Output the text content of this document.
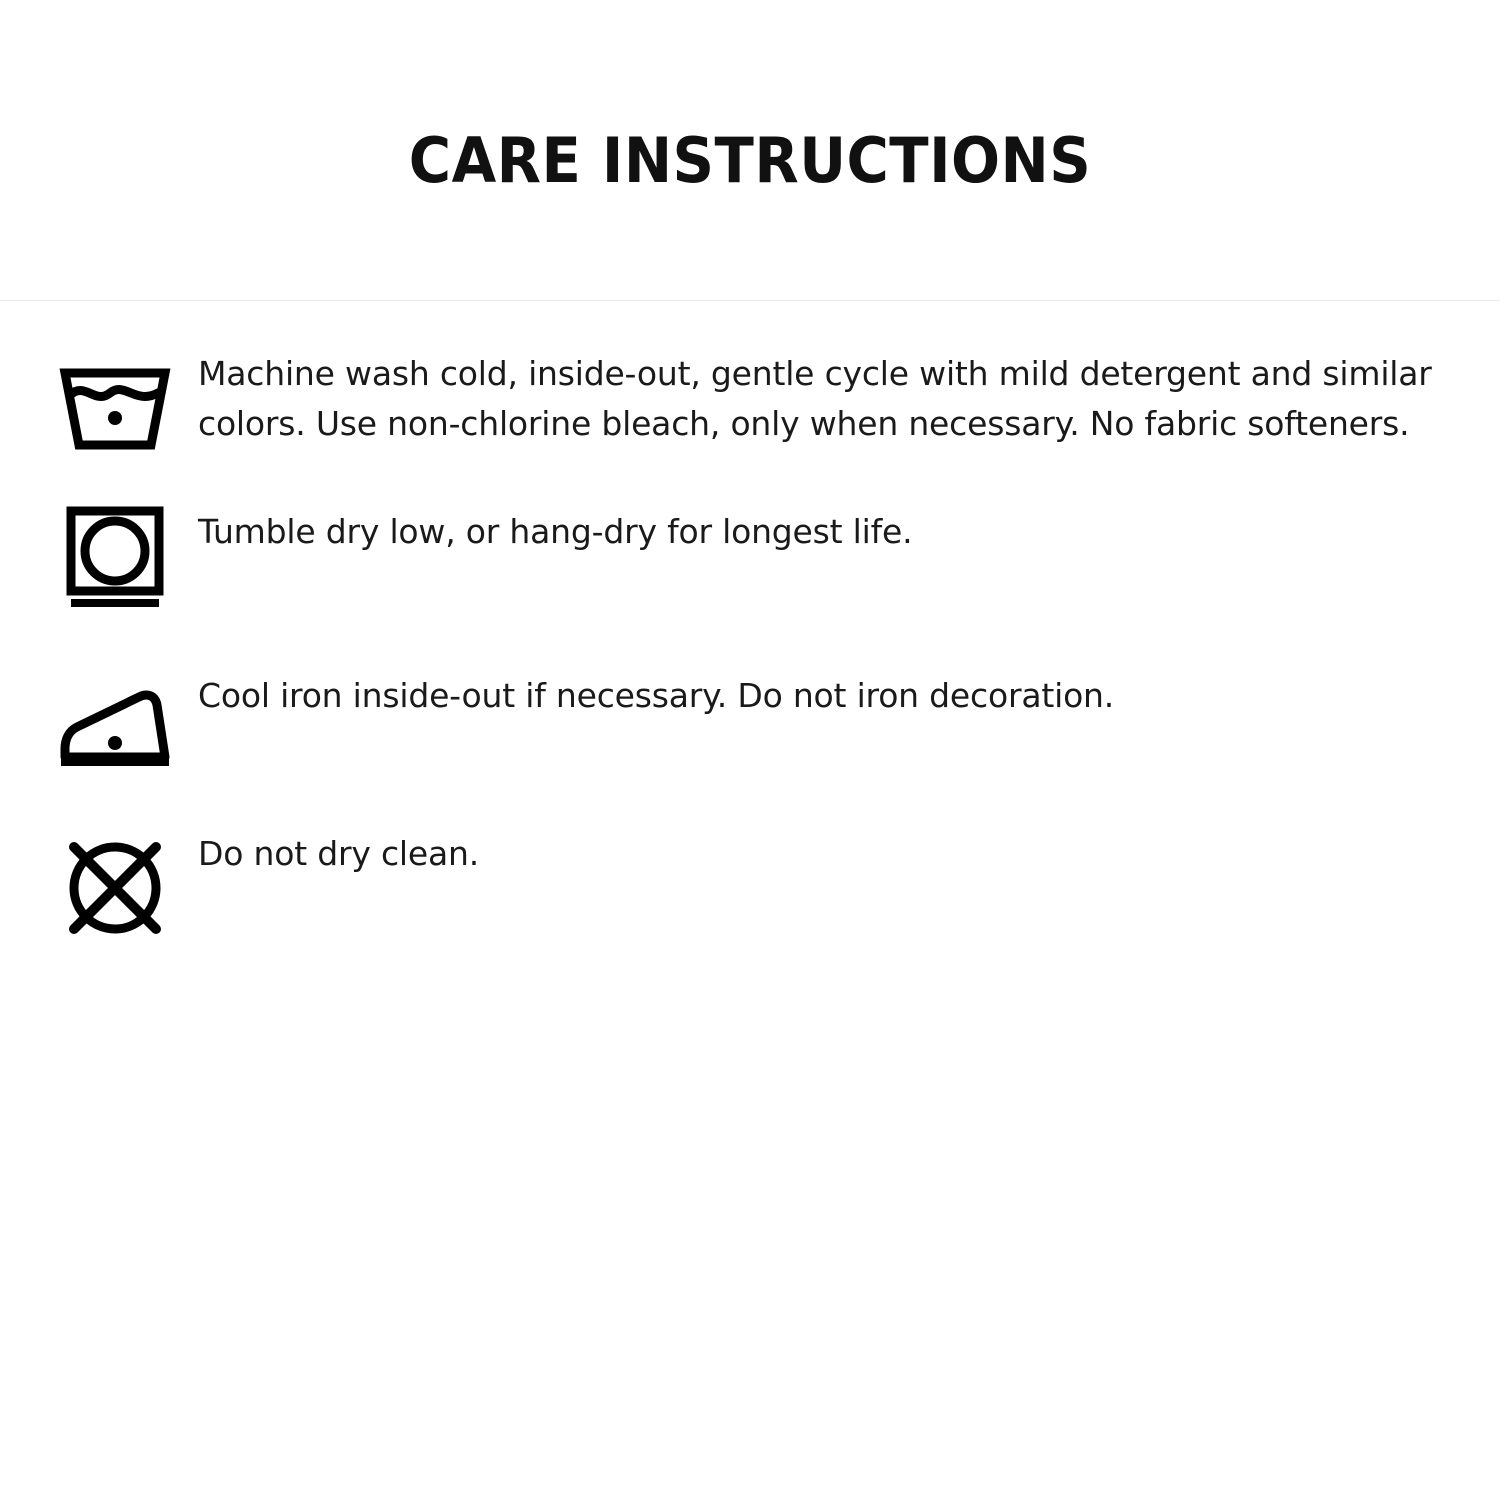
CARE INSTRUCTIONS
Machine wash cold, inside-out, gentle cycle with mild detergent and similar colors. Use non-chlorine bleach, only when necessary. No fabric softeners.
Tumble dry low, or hang-dry for longest life.
Cool iron inside-out if necessary. Do not iron decoration.
Do not dry clean.
